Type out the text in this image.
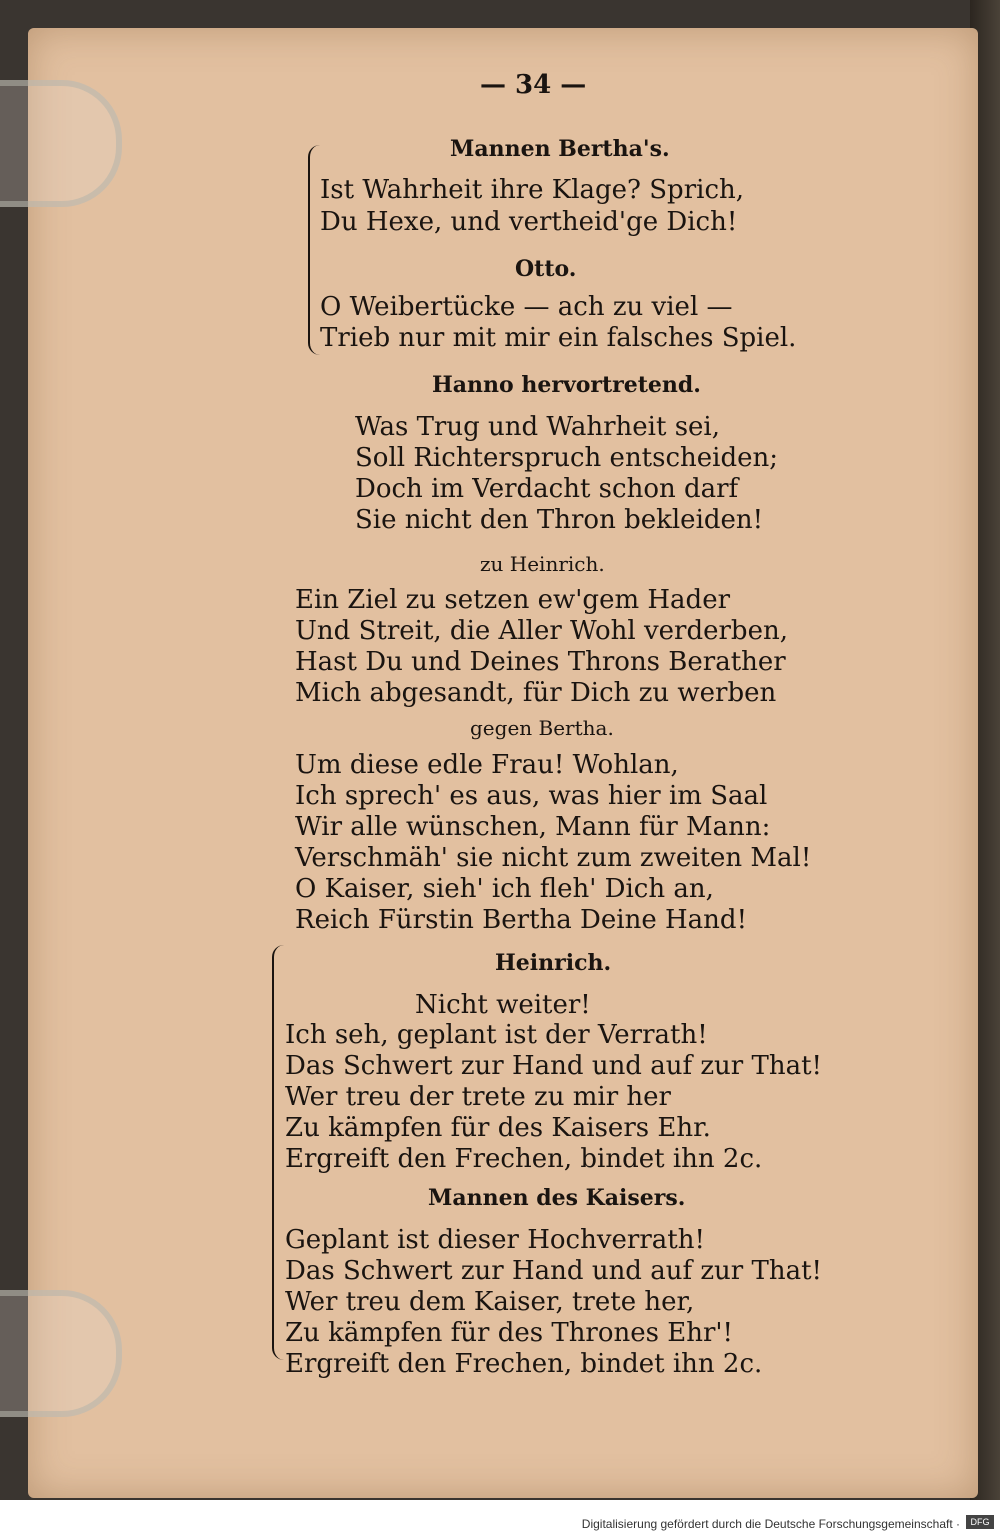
— 34 —
Mannen Bertha's.
Ist Wahrheit ihre Klage? Sprich,
Du Hexe, und vertheid'ge Dich!
Otto.
O Weibertücke — ach zu viel —
Trieb nur mit mir ein falsches Spiel.
Hanno hervortretend.
Was Trug und Wahrheit sei,
Soll Richterspruch entscheiden;
Doch im Verdacht schon darf
Sie nicht den Thron bekleiden!
zu Heinrich.
Ein Ziel zu setzen ew'gem Hader
Und Streit, die Aller Wohl verderben,
Hast Du und Deines Throns Berather
Mich abgesandt, für Dich zu werben
gegen Bertha.
Um diese edle Frau! Wohlan,
Ich sprech' es aus, was hier im Saal
Wir alle wünschen, Mann für Mann:
Verschmäh' sie nicht zum zweiten Mal!
O Kaiser, sieh' ich fleh' Dich an,
Reich Fürstin Bertha Deine Hand!
Heinrich.
Nicht weiter!
Ich seh, geplant ist der Verrath!
Das Schwert zur Hand und auf zur That!
Wer treu der trete zu mir her
Zu kämpfen für des Kaisers Ehr.
Ergreift den Frechen, bindet ihn 2c.
Mannen des Kaisers.
Geplant ist dieser Hochverrath!
Das Schwert zur Hand und auf zur That!
Wer treu dem Kaiser, trete her,
Zu kämpfen für des Thrones Ehr'!
Ergreift den Frechen, bindet ihn 2c.
Digitalisierung gefördert durch die Deutsche Forschungsgemeinschaft ·	DFG
